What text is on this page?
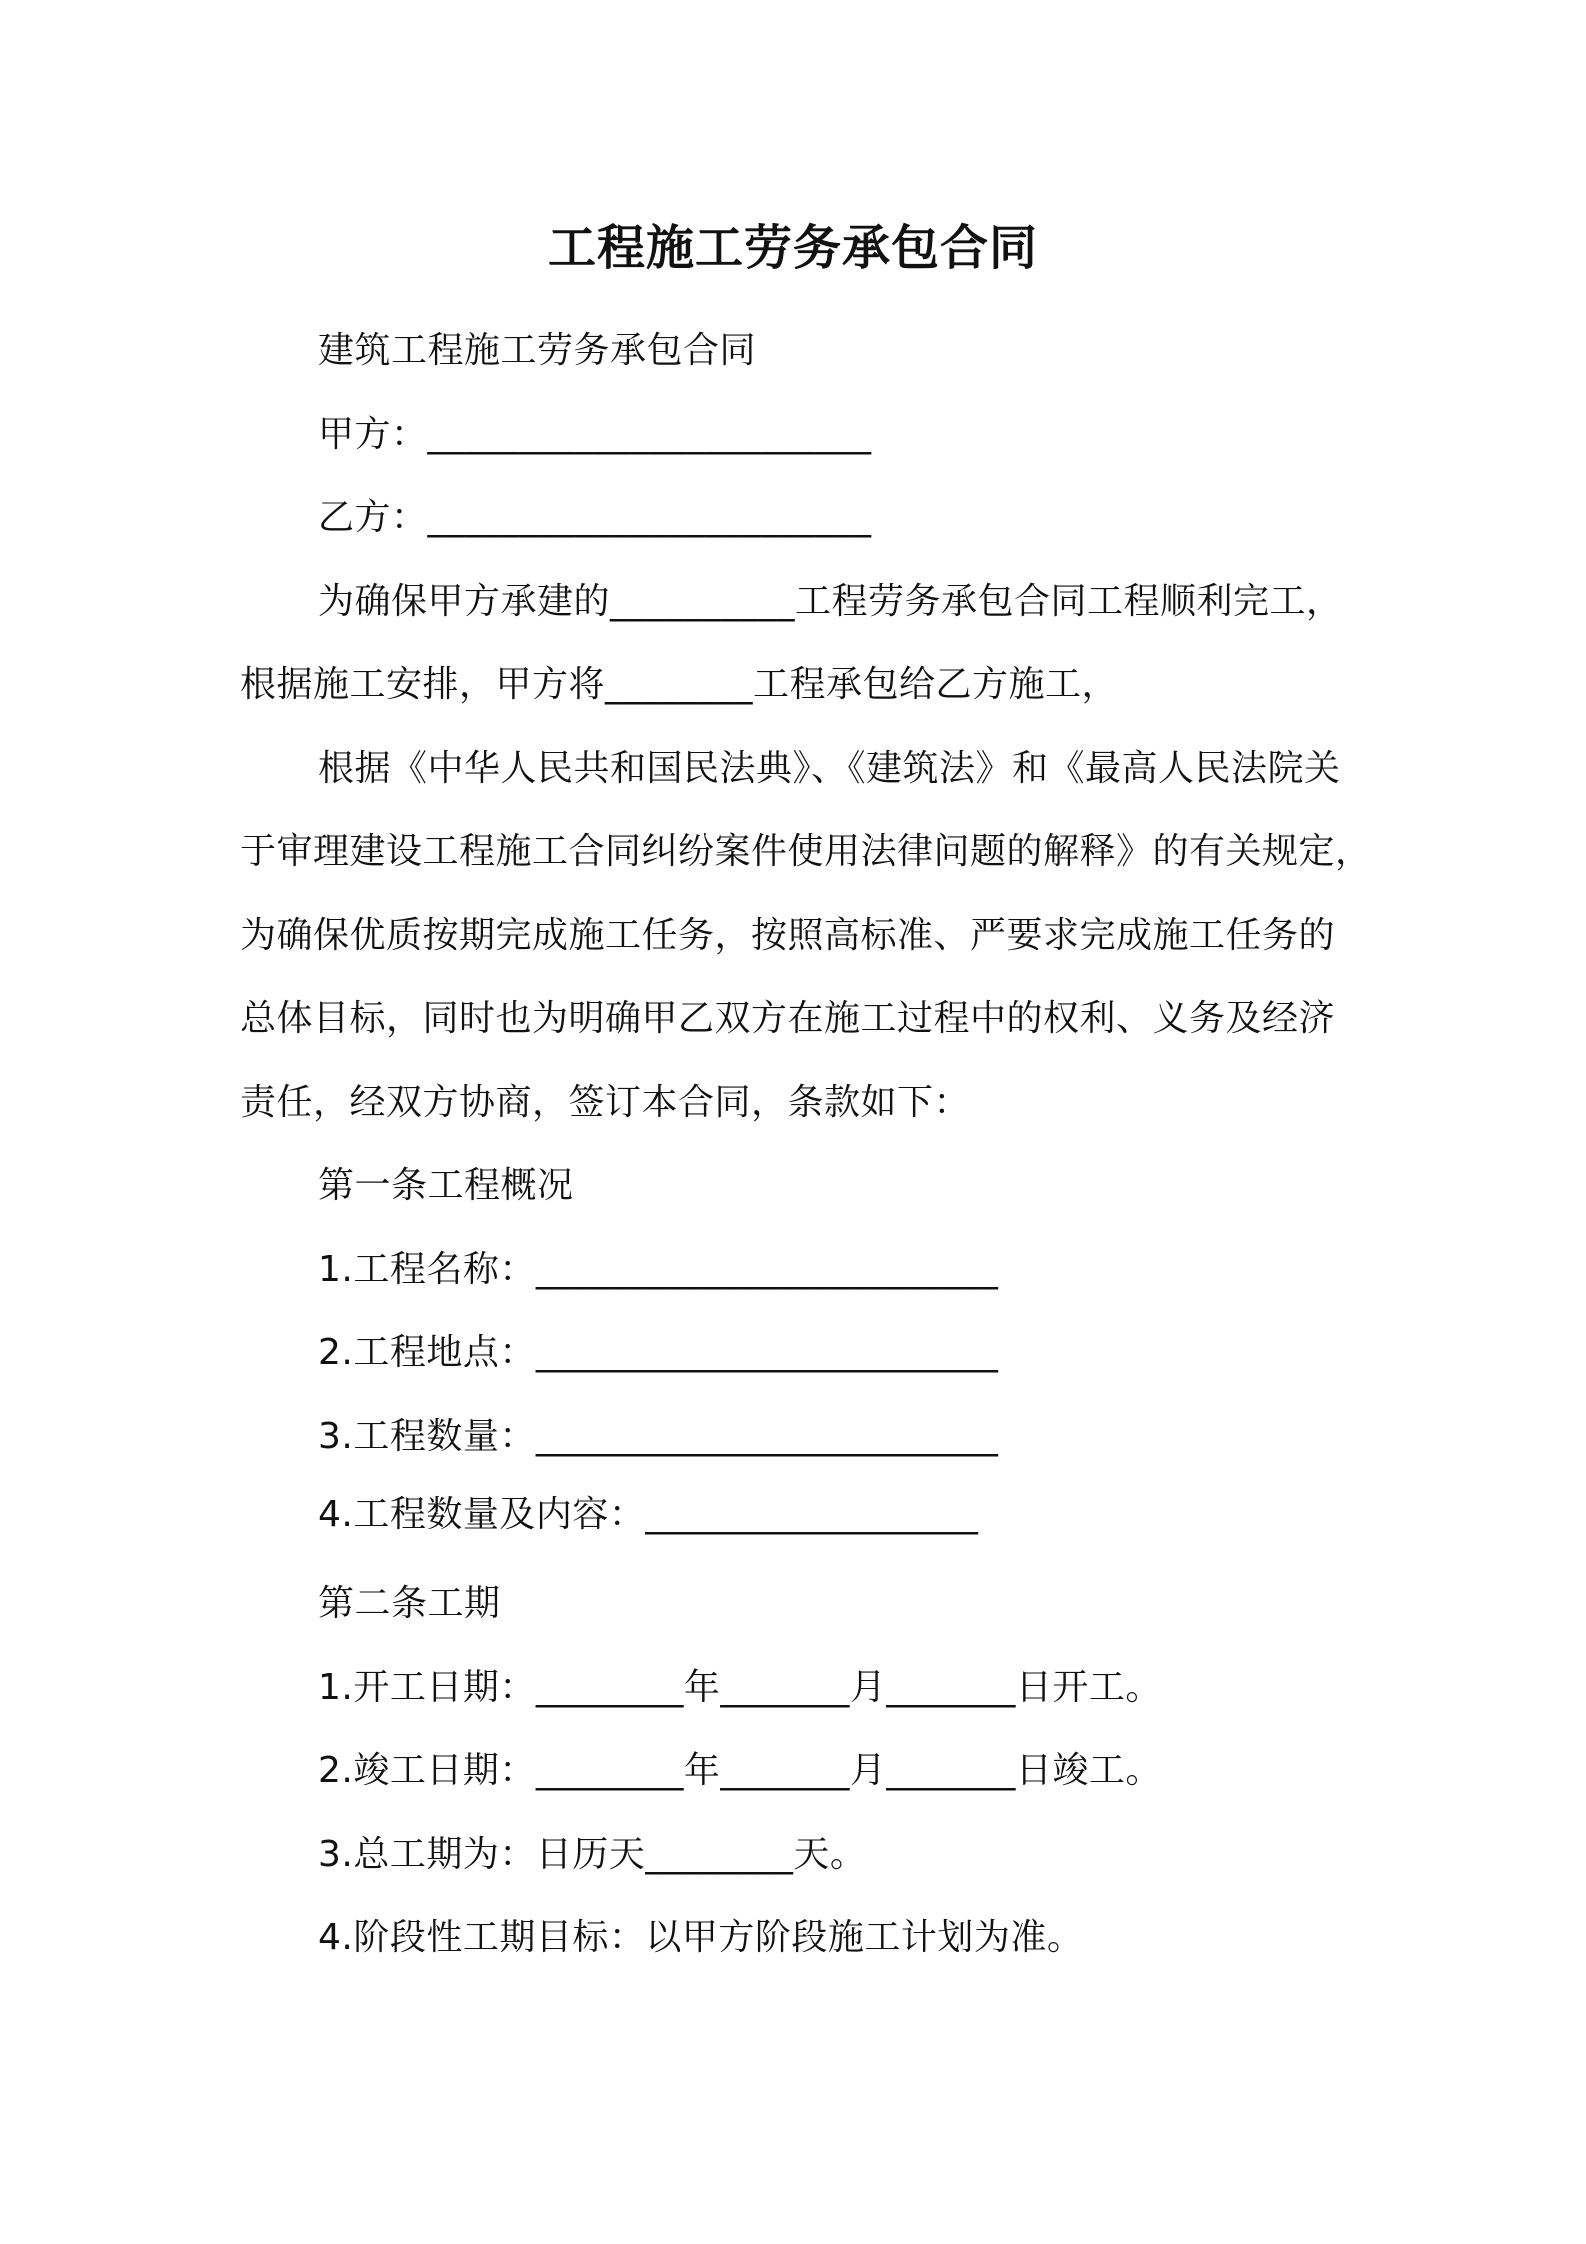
工程施工劳务承包合同
建筑工程施工劳务承包合同
甲方：________________________
乙方：________________________
为确保甲方承建的__________工程劳务承包合同工程顺利完工，
根据施工安排，甲方将________工程承包给乙方施工，
根据《中华人民共和国民法典》、《建筑法》和《最高人民法院关
于审理建设工程施工合同纠纷案件使用法律问题的解释》的有关规定，
为确保优质按期完成施工任务，按照高标准、严要求完成施工任务的
总体目标，同时也为明确甲乙双方在施工过程中的权利、义务及经济
责任，经双方协商，签订本合同，条款如下：
第一条工程概况
1.工程名称：_________________________
2.工程地点：_________________________
3.工程数量：_________________________
4.工程数量及内容：__________________
第二条工期
1.开工日期：________年_______月_______日开工。
2.竣工日期：________年_______月_______日竣工。
3.总工期为：日历天________天。
4.阶段性工期目标：以甲方阶段施工计划为准。
